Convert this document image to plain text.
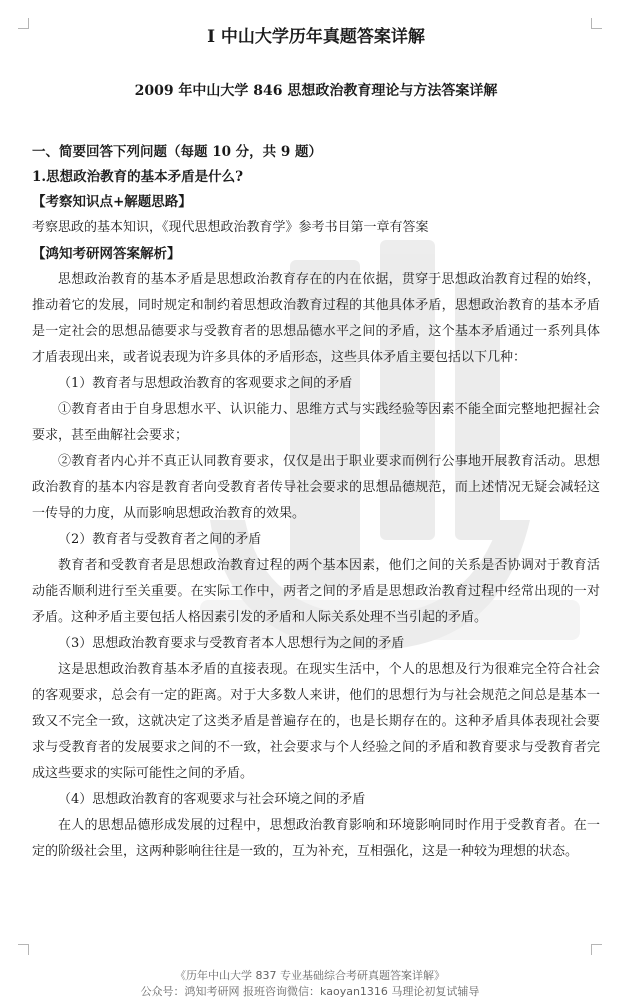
Ⅰ 中山大学历年真题答案详解
2009 年中山大学 846 思想政治教育理论与方法答案详解

一、简要回答下列问题（每题 10 分，共 9 题）

1.思想政治教育的基本矛盾是什么?

【考察知识点+解题思路】

考察思政的基本知识，《现代思想政治教育学》参考书目第一章有答案

【鸿知考研网答案解析】

思想政治教育的基本矛盾是思想政治教育存在的内在依据，贯穿于思想政治教育过程的始终，推动着它的发展，同时规定和制约着思想政治教育过程的其他具体矛盾，思想政治教育的基本矛盾是一定社会的思想品德要求与受教育者的思想品德水平之间的矛盾，这个基本矛盾通过一系列具体才盾表现出来，或者说表现为许多具体的矛盾形态，这些具体矛盾主要包括以下几种：

（1）教育者与思想政治教育的客观要求之间的矛盾

①教育者由于自身思想水平、认识能力、思维方式与实践经验等因素不能全面完整地把握社会要求，甚至曲解社会要求；

②教育者内心并不真正认同教育要求，仅仅是出于职业要求而例行公事地开展教育活动。思想政治教育的基本内容是教育者向受教育者传导社会要求的思想品德规范，而上述情况无疑会减轻这一传导的力度，从而影响思想政治教育的效果。

（2）教育者与受教育者之间的矛盾

教育者和受教育者是思想政治教育过程的两个基本因素，他们之间的关系是否协调对于教育活动能否顺利进行至关重要。在实际工作中，两者之间的矛盾是思想政治教育过程中经常出现的一对矛盾。这种矛盾主要包括人格因素引发的矛盾和人际关系处理不当引起的矛盾。

（3）思想政治教育要求与受教育者本人思想行为之间的矛盾

这是思想政治教育基本矛盾的直接表现。在现实生活中，个人的思想及行为很难完全符合社会的客观要求，总会有一定的距离。对于大多数人来讲，他们的思想行为与社会规范之间总是基本一致又不完全一致，这就决定了这类矛盾是普遍存在的，也是长期存在的。这种矛盾具体表现社会要求与受教育者的发展要求之间的不一致，社会要求与个人经验之间的矛盾和教育要求与受教育者完成这些要求的实际可能性之间的矛盾。

（4）思想政治教育的客观要求与社会环境之间的矛盾

在人的思想品德形成发展的过程中，思想政治教育影响和环境影响同时作用于受教育者。在一定的阶级社会里，这两种影响往往是一致的，互为补充，互相强化，这是一种较为理想的状态。

《历年中山大学 837 专业基础综合考研真题答案详解》
公众号：鸿知考研网 报班咨询微信：kaoyan1316 马理论初复试辅导
